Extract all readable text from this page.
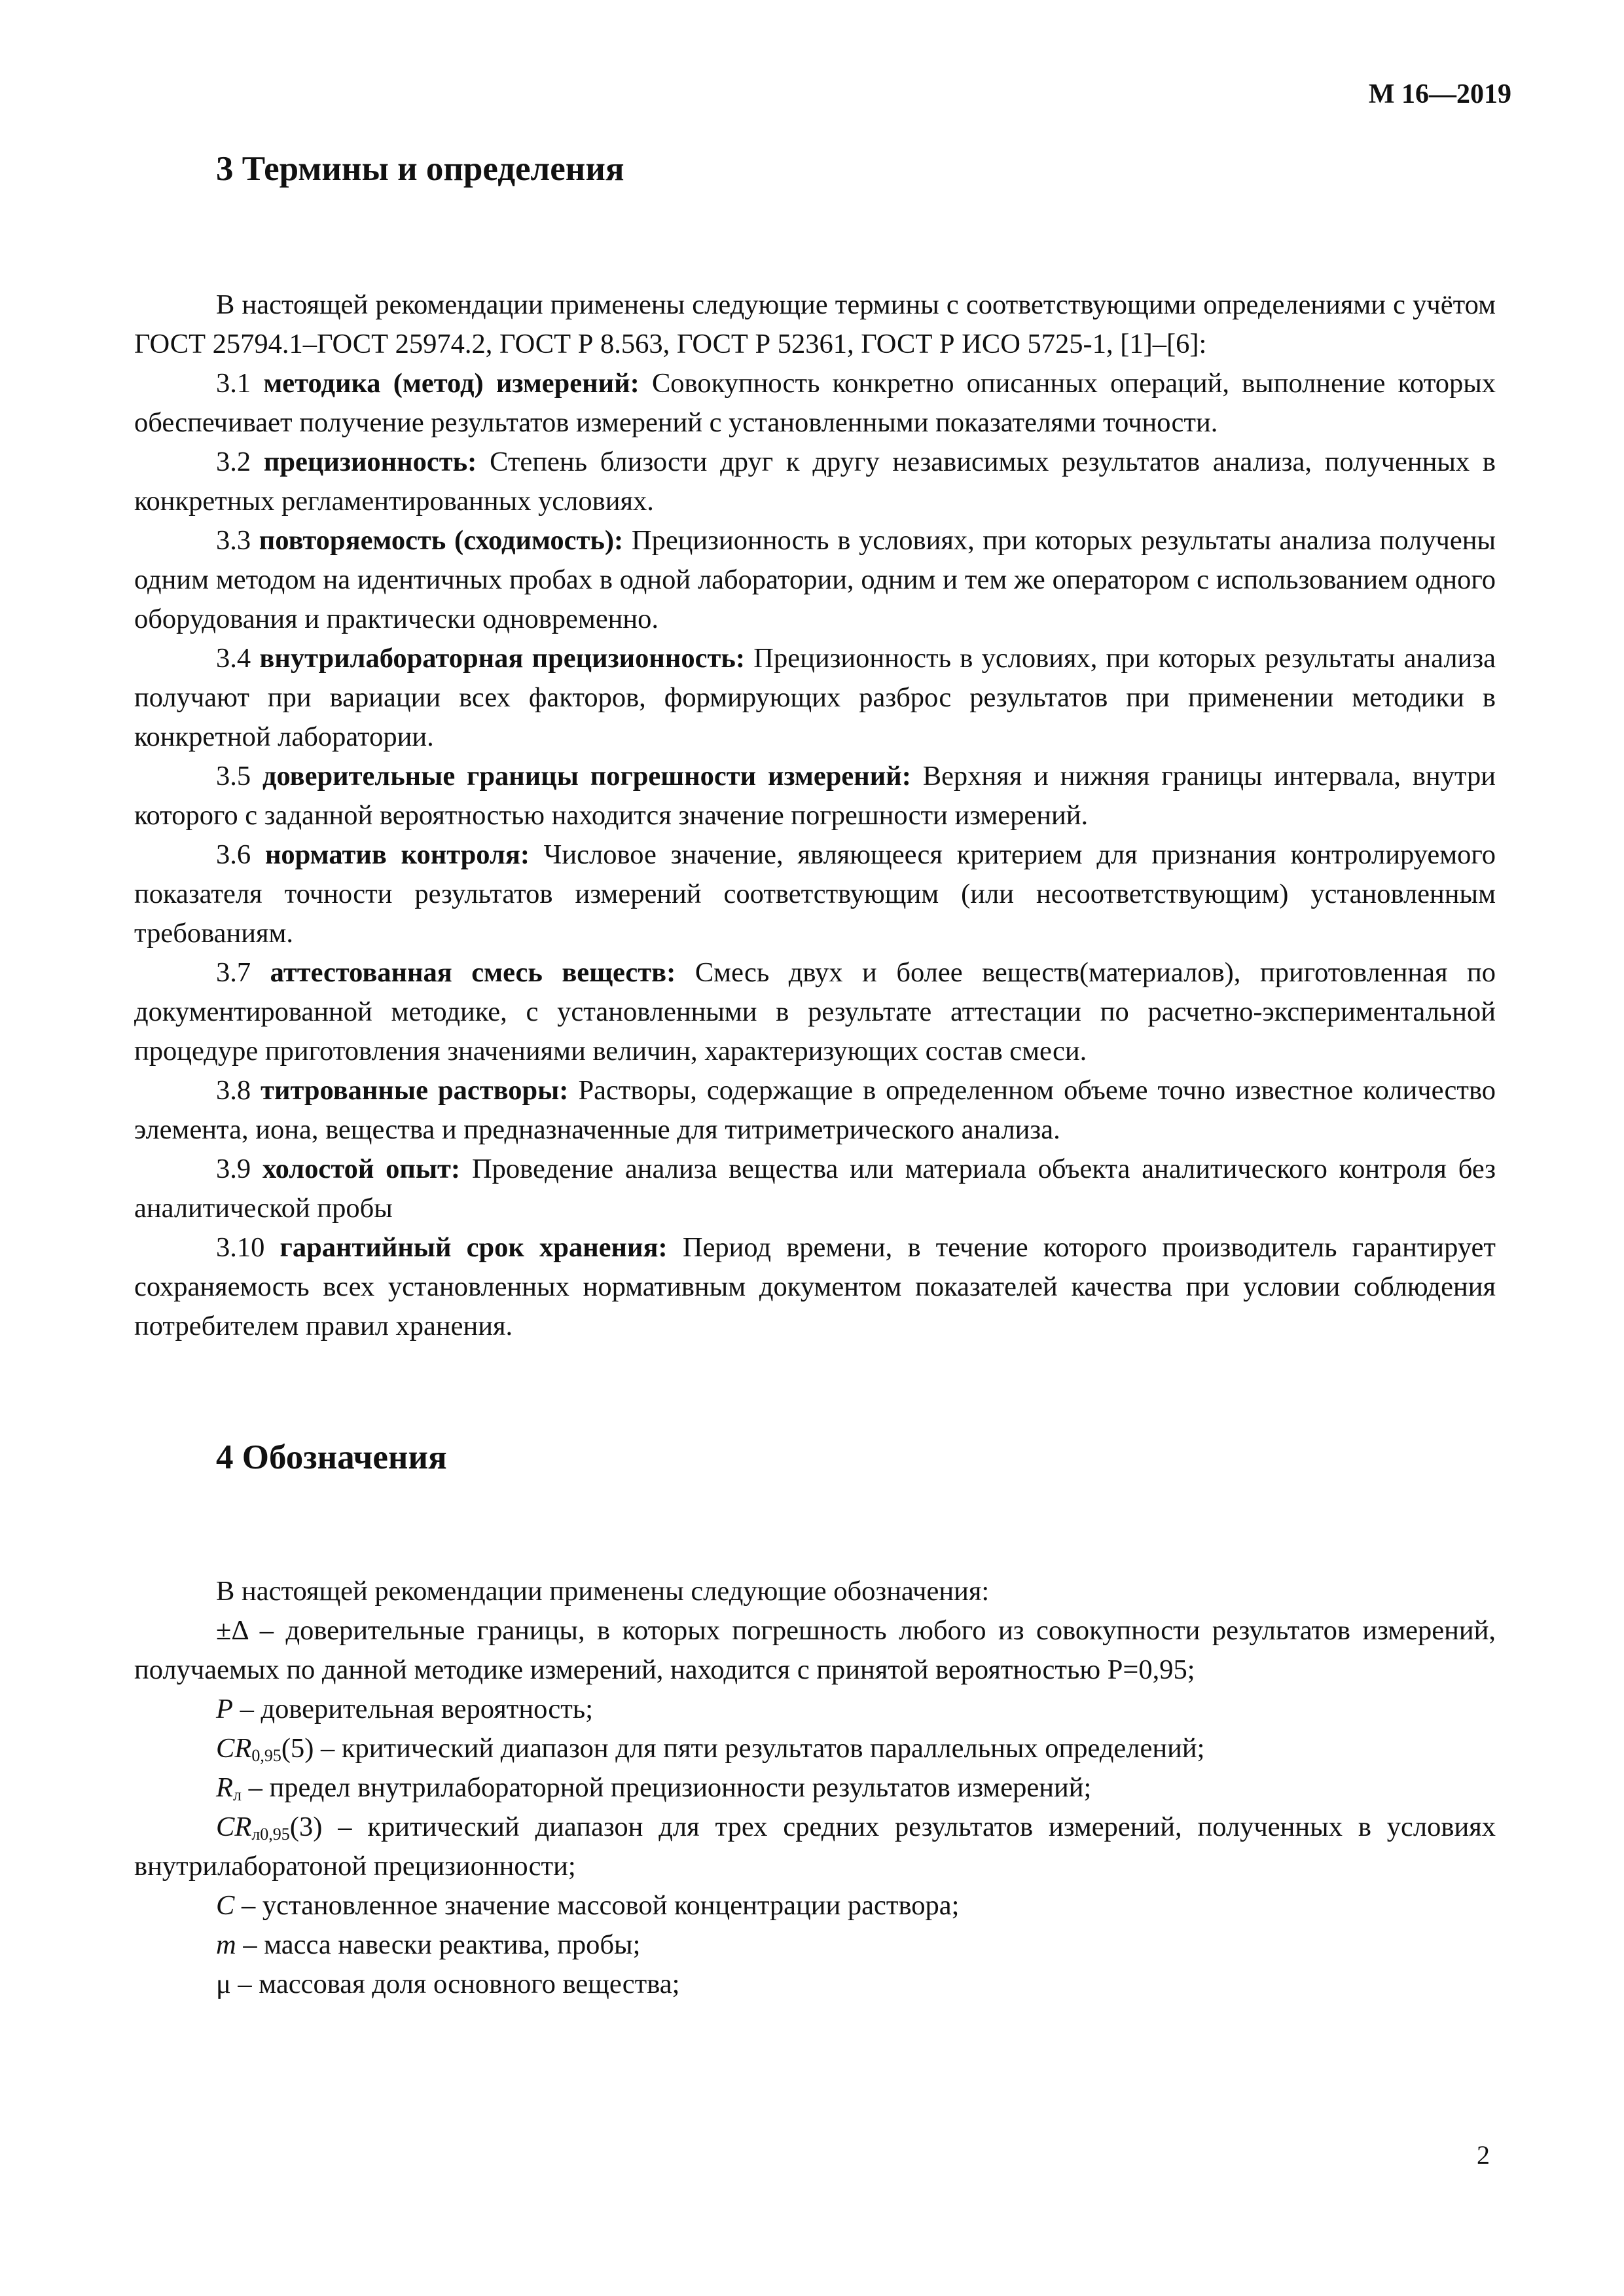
М 16—2019
3 Термины и определения

В настоящей рекомендации применены следующие термины с соответствующими определениями с учётом ГОСТ 25794.1–ГОСТ 25974.2, ГОСТ Р 8.563, ГОСТ Р 52361, ГОСТ Р ИСО 5725-1, [1]–[6]:

3.1 методика (метод) измерений: Совокупность конкретно описанных операций, выполнение которых обеспечивает получение результатов измерений с установленными показателями точности.

3.2 прецизионность: Степень близости друг к другу независимых результатов анализа, полученных в конкретных регламентированных условиях.

3.3 повторяемость (сходимость): Прецизионность в условиях, при которых результаты анализа получены одним методом на идентичных пробах в одной лаборатории, одним и тем же оператором с использованием одного оборудования и практически одновременно.

3.4 внутрилабораторная прецизионность: Прецизионность в условиях, при которых результаты анализа получают при вариации всех факторов, формирующих разброс результатов при применении методики в конкретной лаборатории.

3.5 доверительные границы погрешности измерений: Верхняя и нижняя границы интервала, внутри которого с заданной вероятностью находится значение погрешности измерений.

3.6 норматив контроля: Числовое значение, являющееся критерием для признания контролируемого показателя точности результатов измерений соответствующим (или несоответствующим) установленным требованиям.

3.7 аттестованная смесь веществ: Смесь двух и более веществ(материалов), приготовленная по документированной методике, с установленными в результате аттестации по расчетно-экспериментальной процедуре приготовления значениями величин, характеризующих состав смеси.

3.8 титрованные растворы: Растворы, содержащие в определенном объеме точно известное количество элемента, иона, вещества и предназначенные для титриметрического анализа.

3.9 холостой опыт: Проведение анализа вещества или материала объекта аналитического контроля без аналитической пробы

3.10 гарантийный срок хранения: Период времени, в течение которого производитель гарантирует сохраняемость всех установленных нормативным документом показателей качества при условии соблюдения потребителем правил хранения.

4 Обозначения

В настоящей рекомендации применены следующие обозначения:

±Δ – доверительные границы, в которых погрешность любого из совокупности результатов измерений, получаемых по данной методике измерений, находится с принятой вероятностью P=0,95;

P – доверительная вероятность;

$CR_{0,95}(5)$ – критический диапазон для пяти результатов параллельных определений;

$R_л$ – предел внутрилабораторной прецизионности результатов измерений;

$CR_{л0,95}(3)$ – критический диапазон для трех средних результатов измерений, полученных в условиях внутрилаборатоной прецизионности;

C – установленное значение массовой концентрации раствора;

m – масса навески реактива, пробы;

μ – массовая доля основного вещества;

2
